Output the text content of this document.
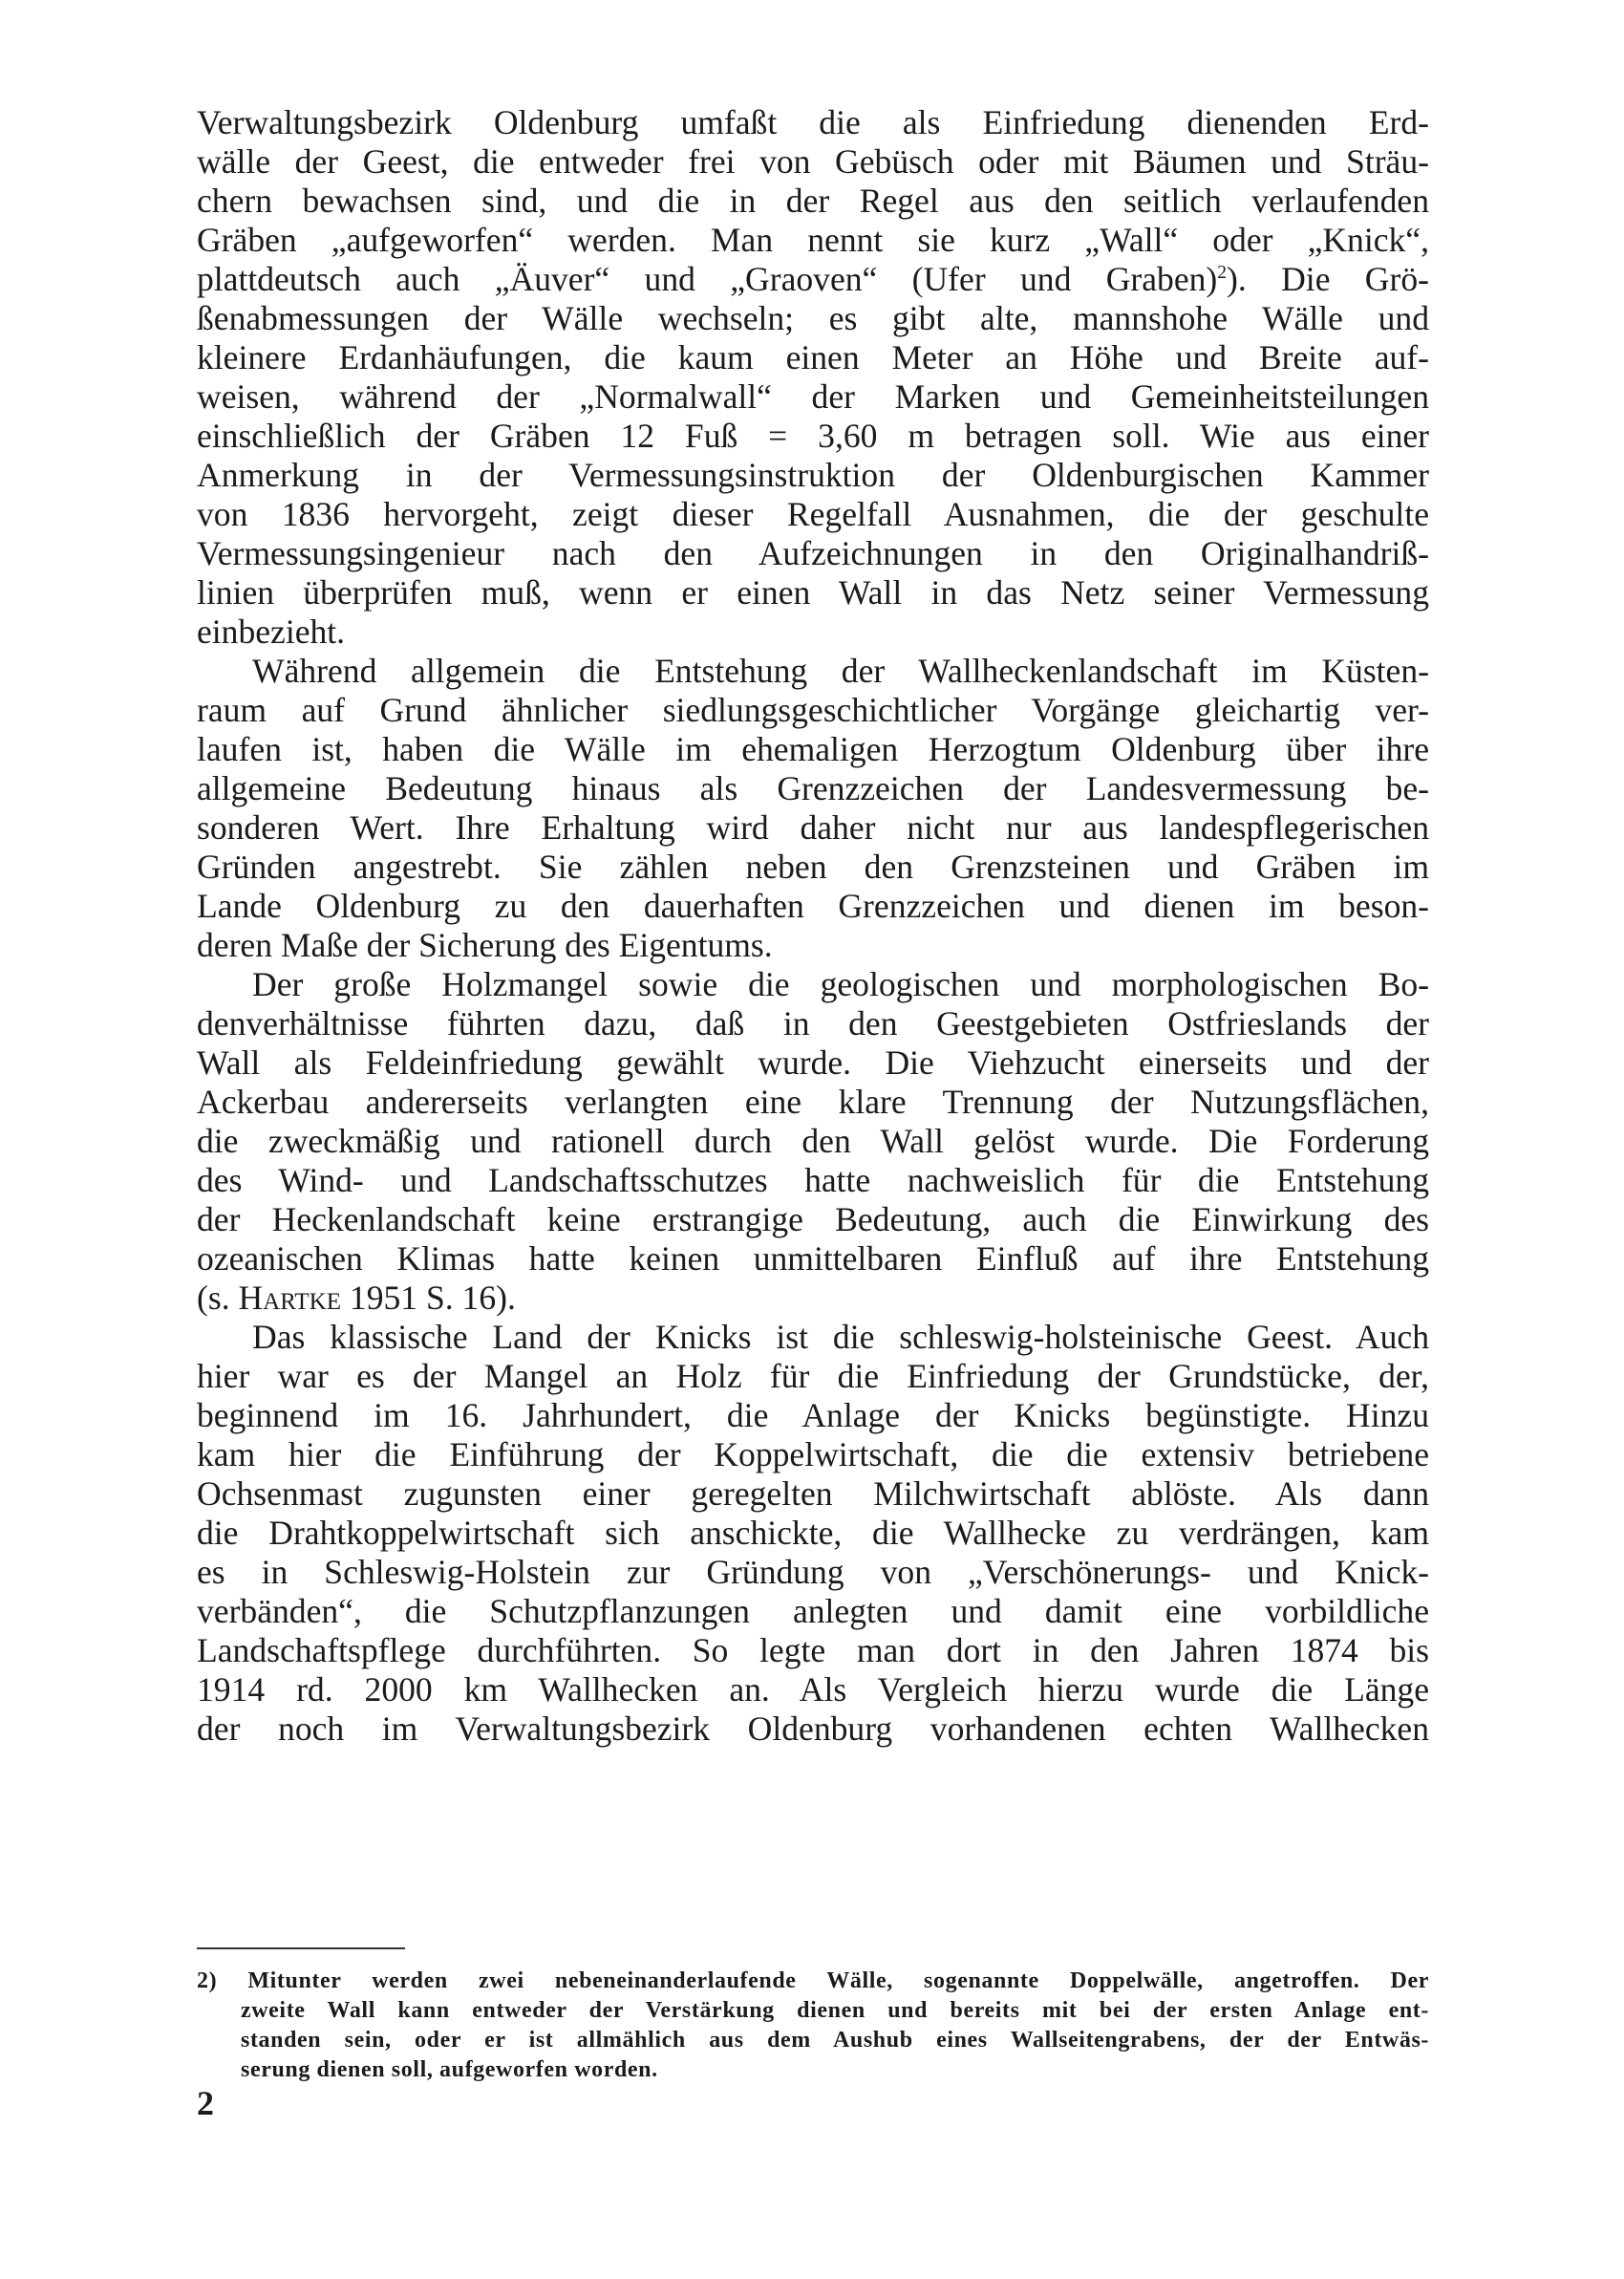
Verwaltungsbezirk Oldenburg umfaßt die als Einfriedung dienenden Erd-
wälle der Geest, die entweder frei von Gebüsch oder mit Bäumen und Sträu-
chern bewachsen sind, und die in der Regel aus den seitlich verlaufenden
Gräben „aufgeworfen“ werden. Man nennt sie kurz „Wall“ oder „Knick“,
plattdeutsch auch „Äuver“ und „Graoven“ (Ufer und Graben)$^2$). Die Grö-
ßenabmessungen der Wälle wechseln; es gibt alte, mannshohe Wälle und
kleinere Erdanhäufungen, die kaum einen Meter an Höhe und Breite auf-
weisen, während der „Normalwall“ der Marken und Gemeinheitsteilungen
einschließlich der Gräben 12 Fuß = 3,60 m betragen soll. Wie aus einer
Anmerkung in der Vermessungsinstruktion der Oldenburgischen Kammer
von 1836 hervorgeht, zeigt dieser Regelfall Ausnahmen, die der geschulte
Vermessungsingenieur nach den Aufzeichnungen in den Originalhandriß-
linien überprüfen muß, wenn er einen Wall in das Netz seiner Vermessung
einbezieht.

Während allgemein die Entstehung der Wallheckenlandschaft im Küsten-
raum auf Grund ähnlicher siedlungsgeschichtlicher Vorgänge gleichartig ver-
laufen ist, haben die Wälle im ehemaligen Herzogtum Oldenburg über ihre
allgemeine Bedeutung hinaus als Grenzzeichen der Landesvermessung be-
sonderen Wert. Ihre Erhaltung wird daher nicht nur aus landespflegerischen
Gründen angestrebt. Sie zählen neben den Grenzsteinen und Gräben im
Lande Oldenburg zu den dauerhaften Grenzzeichen und dienen im beson-
deren Maße der Sicherung des Eigentums.

Der große Holzmangel sowie die geologischen und morphologischen Bo-
denverhältnisse führten dazu, daß in den Geestgebieten Ostfrieslands der
Wall als Feldeinfriedung gewählt wurde. Die Viehzucht einerseits und der
Ackerbau andererseits verlangten eine klare Trennung der Nutzungsflächen,
die zweckmäßig und rationell durch den Wall gelöst wurde. Die Forderung
des Wind- und Landschaftsschutzes hatte nachweislich für die Entstehung
der Heckenlandschaft keine erstrangige Bedeutung, auch die Einwirkung des
ozeanischen Klimas hatte keinen unmittelbaren Einfluß auf ihre Entstehung
(s. Hartke 1951 S. 16).

Das klassische Land der Knicks ist die schleswig-holsteinische Geest. Auch
hier war es der Mangel an Holz für die Einfriedung der Grundstücke, der,
beginnend im 16. Jahrhundert, die Anlage der Knicks begünstigte. Hinzu
kam hier die Einführung der Koppelwirtschaft, die die extensiv betriebene
Ochsenmast zugunsten einer geregelten Milchwirtschaft ablöste. Als dann
die Drahtkoppelwirtschaft sich anschickte, die Wallhecke zu verdrängen, kam
es in Schleswig-Holstein zur Gründung von „Verschönerungs- und Knick-
verbänden“, die Schutzpflanzungen anlegten und damit eine vorbildliche
Landschaftspflege durchführten. So legte man dort in den Jahren 1874 bis
1914 rd. 2000 km Wallhecken an. Als Vergleich hierzu wurde die Länge
der noch im Verwaltungsbezirk Oldenburg vorhandenen echten Wallhecken

2) Mitunter werden zwei nebeneinanderlaufende Wälle, sogenannte Doppelwälle, angetroffen. Der
zweite Wall kann entweder der Verstärkung dienen und bereits mit bei der ersten Anlage ent-
standen sein, oder er ist allmählich aus dem Aushub eines Wallseitengrabens, der der Entwäs-
serung dienen soll, aufgeworfen worden.
2
